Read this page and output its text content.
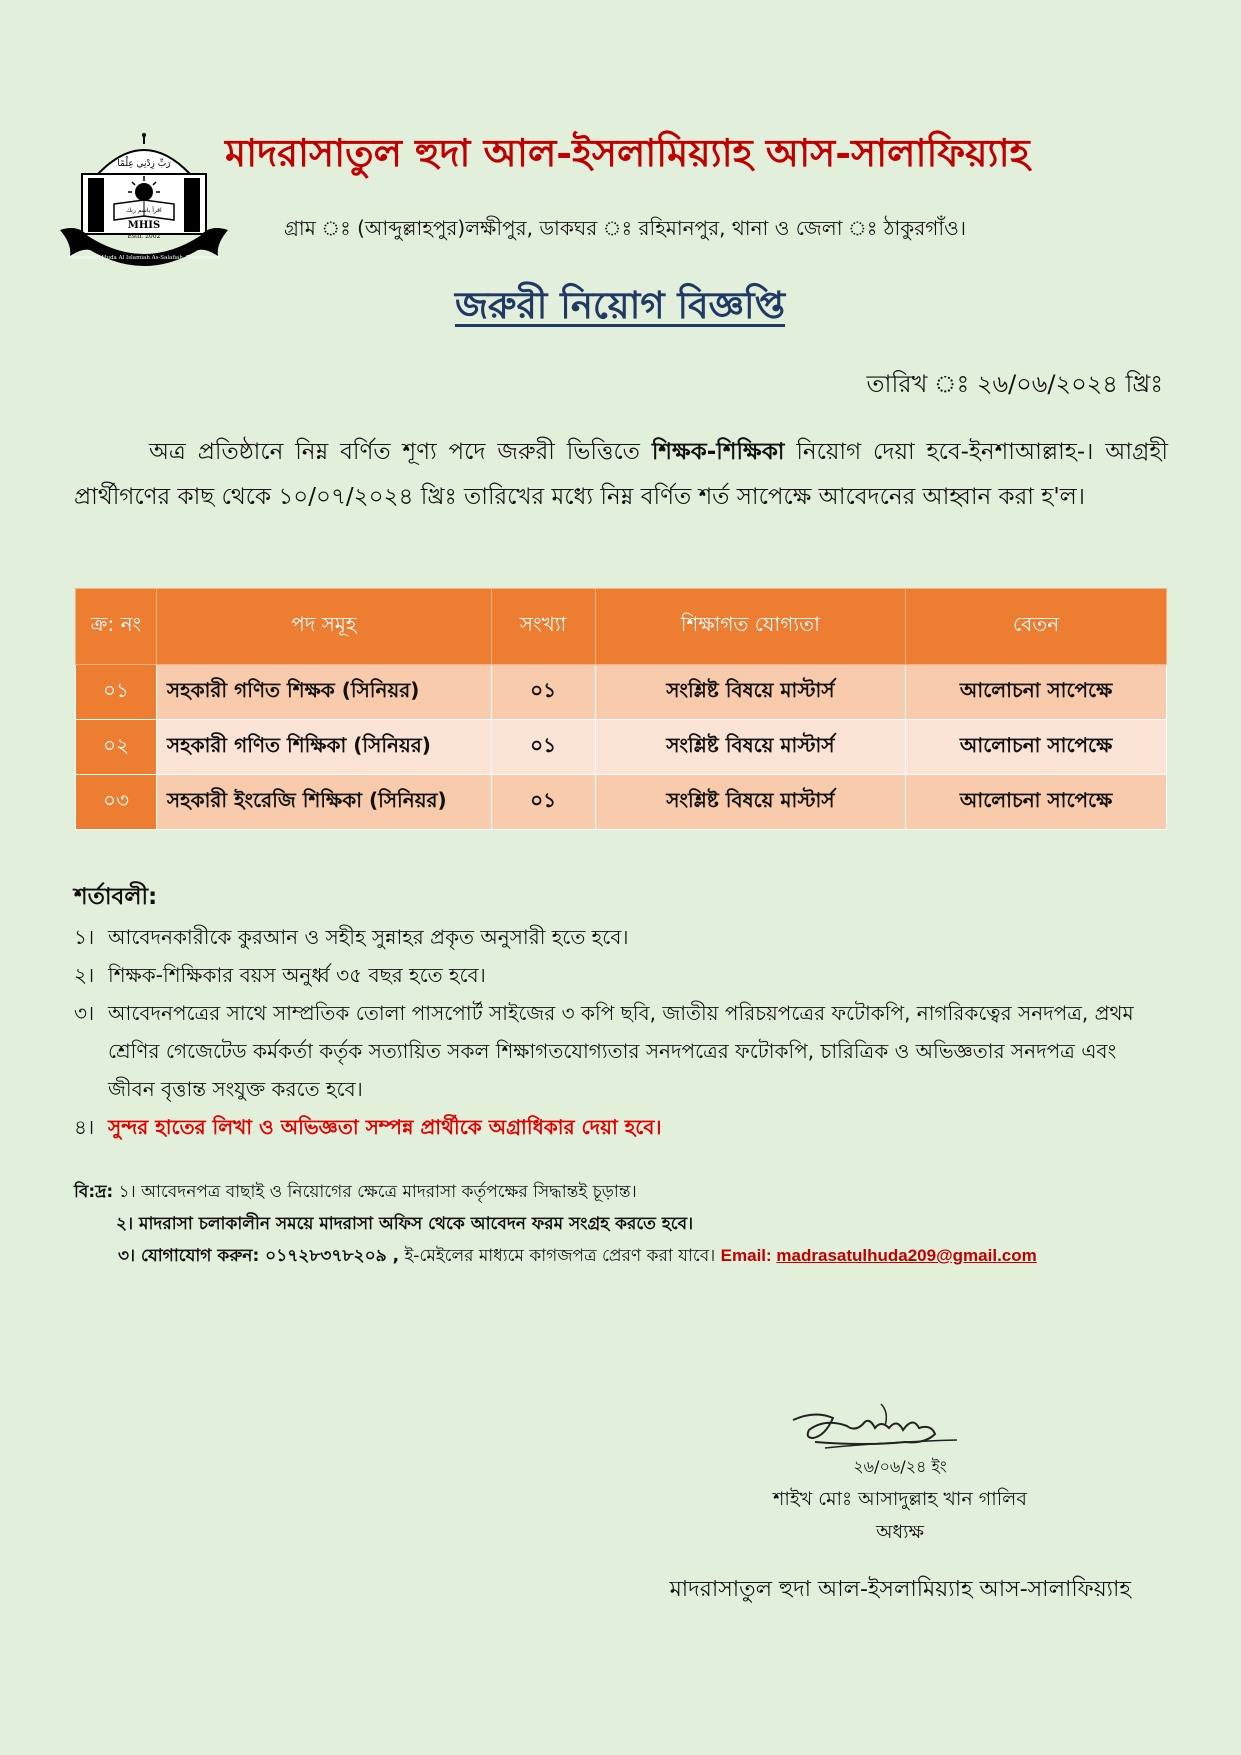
رَبِّ زِدْنِي عِلْمًا
اقرأ باسم ربك
MHIS
Estd. 2002
Madrasatul Huda Al Islamiah As-Salafiah, Thakurgaon
মাদরাসাতুল হুদা আল-ইসলামিয়্যাহ আস-সালাফিয়্যাহ
গ্রাম ঃ (আব্দুল্লাহপুর)লক্ষীপুর, ডাকঘর ঃ রহিমানপুর, থানা ও জেলা ঃ ঠাকুরগাঁও।
জরুরী নিয়োগ বিজ্ঞপ্তি
তারিখ ঃ ২৬/০৬/২০২৪ খ্রিঃ
অত্র প্রতিষ্ঠানে নিম্ন বর্ণিত শূণ্য পদে জরুরী ভিত্তিতে শিক্ষক-শিক্ষিকা নিয়োগ দেয়া হবে-ইনশাআল্লাহ-। আগ্রহী প্রার্থীগণের কাছ থেকে ১০/০৭/২০২৪ খ্রিঃ তারিখের মধ্যে নিম্ন বর্ণিত শর্ত সাপেক্ষে আবেদনের আহ্বান করা হ'ল।
ক্র: নং	পদ সমূহ	সংখ্যা	শিক্ষাগত যোগ্যতা	বেতন
০১	সহকারী গণিত শিক্ষক (সিনিয়র)	০১	সংশ্লিষ্ট বিষয়ে মাস্টার্স	আলোচনা সাপেক্ষে
০২	সহকারী গণিত শিক্ষিকা (সিনিয়র)	০১	সংশ্লিষ্ট বিষয়ে মাস্টার্স	আলোচনা সাপেক্ষে
০৩	সহকারী ইংরেজি শিক্ষিকা (সিনিয়র)	০১	সংশ্লিষ্ট বিষয়ে মাস্টার্স	আলোচনা সাপেক্ষে
শর্তাবলী:
১। আবেদনকারীকে কুরআন ও সহীহ সুন্নাহর প্রকৃত অনুসারী হতে হবে।
২। শিক্ষক-শিক্ষিকার বয়স অনুর্ধ্ব ৩৫ বছর হতে হবে।
৩। আবেদনপত্রের সাথে সাম্প্রতিক তোলা পাসপোর্ট সাইজের ৩ কপি ছবি, জাতীয় পরিচয়পত্রের ফটোকপি, নাগরিকত্বের সনদপত্র, প্রথম শ্রেণির গেজেটেড কর্মকর্তা কর্তৃক সত্যায়িত সকল শিক্ষাগতযোগ্যতার সনদপত্রের ফটোকপি, চারিত্রিক ও অভিজ্ঞতার সনদপত্র এবং জীবন বৃত্তান্ত সংযুক্ত করতে হবে।
৪। সুন্দর হাতের লিখা ও অভিজ্ঞতা সম্পন্ন প্রার্থীকে অগ্রাধিকার দেয়া হবে।
বি:দ্র: ১। আবেদনপত্র বাছাই ও নিয়োগের ক্ষেত্রে মাদরাসা কর্তৃপক্ষের সিদ্ধান্তই চূড়ান্ত।
২। মাদরাসা চলাকালীন সময়ে মাদরাসা অফিস থেকে আবেদন ফরম সংগ্রহ করতে হবে।
৩। যোগাযোগ করুন: ০১৭২৮৩৭৮২০৯ , ই-মেইলের মাধ্যমে কাগজপত্র প্রেরণ করা যাবে। Email: madrasatulhuda209@gmail.com
২৬/০৬/২৪ ইং
শাইখ মোঃ আসাদুল্লাহ খান গালিব
অধ্যক্ষ
মাদরাসাতুল হুদা আল-ইসলামিয়্যাহ আস-সালাফিয়্যাহ
